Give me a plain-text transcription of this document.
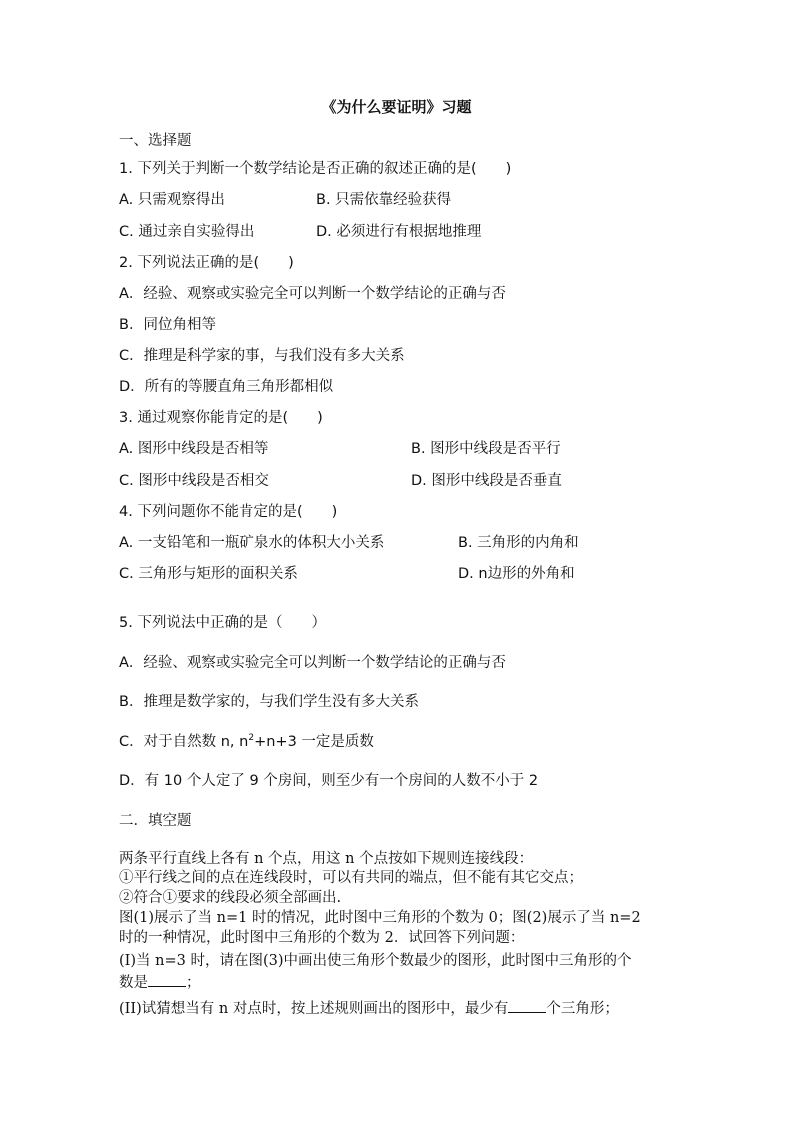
《为什么要证明》习题
一、选择题
1. 下列关于判断一个数学结论是否正确的叙述正确的是(　　)
A. 只需观察得出	B. 只需依靠经验获得
C. 通过亲自实验得出	D. 必须进行有根据地推理
2. 下列说法正确的是(　　)
A．经验、观察或实验完全可以判断一个数学结论的正确与否
B．同位角相等
C．推理是科学家的事，与我们没有多大关系
D．所有的等腰直角三角形都相似
3. 通过观察你能肯定的是(　　)
A. 图形中线段是否相等	B. 图形中线段是否平行
C. 图形中线段是否相交	D. 图形中线段是否垂直
4. 下列问题你不能肯定的是(　　)
A. 一支铅笔和一瓶矿泉水的体积大小关系	B. 三角形的内角和
C. 三角形与矩形的面积关系	D. n边形的外角和
5. 下列说法中正确的是（　　）
A．经验、观察或实验完全可以判断一个数学结论的正确与否
B．推理是数学家的，与我们学生没有多大关系
C．对于自然数 n, $n^2+n+3$ 一定是质数
D．有 10 个人定了 9 个房间，则至少有一个房间的人数不小于 2
二．填空题
两条平行直线上各有 n 个点，用这 n 个点按如下规则连接线段：
①平行线之间的点在连线段时，可以有共同的端点，但不能有其它交点；
②符合①要求的线段必须全部画出.
图(1)展示了当 n=1 时的情况，此时图中三角形的个数为 0；图(2)展示了当 n=2
时的一种情况，此时图中三角形的个数为 2．试回答下列问题：
(I)当 n=3 时，请在图(3)中画出使三角形个数最少的图形，此时图中三角形的个
数是	；
(II)试猜想当有 n 对点时，按上述规则画出的图形中，最少有	个三角形；
